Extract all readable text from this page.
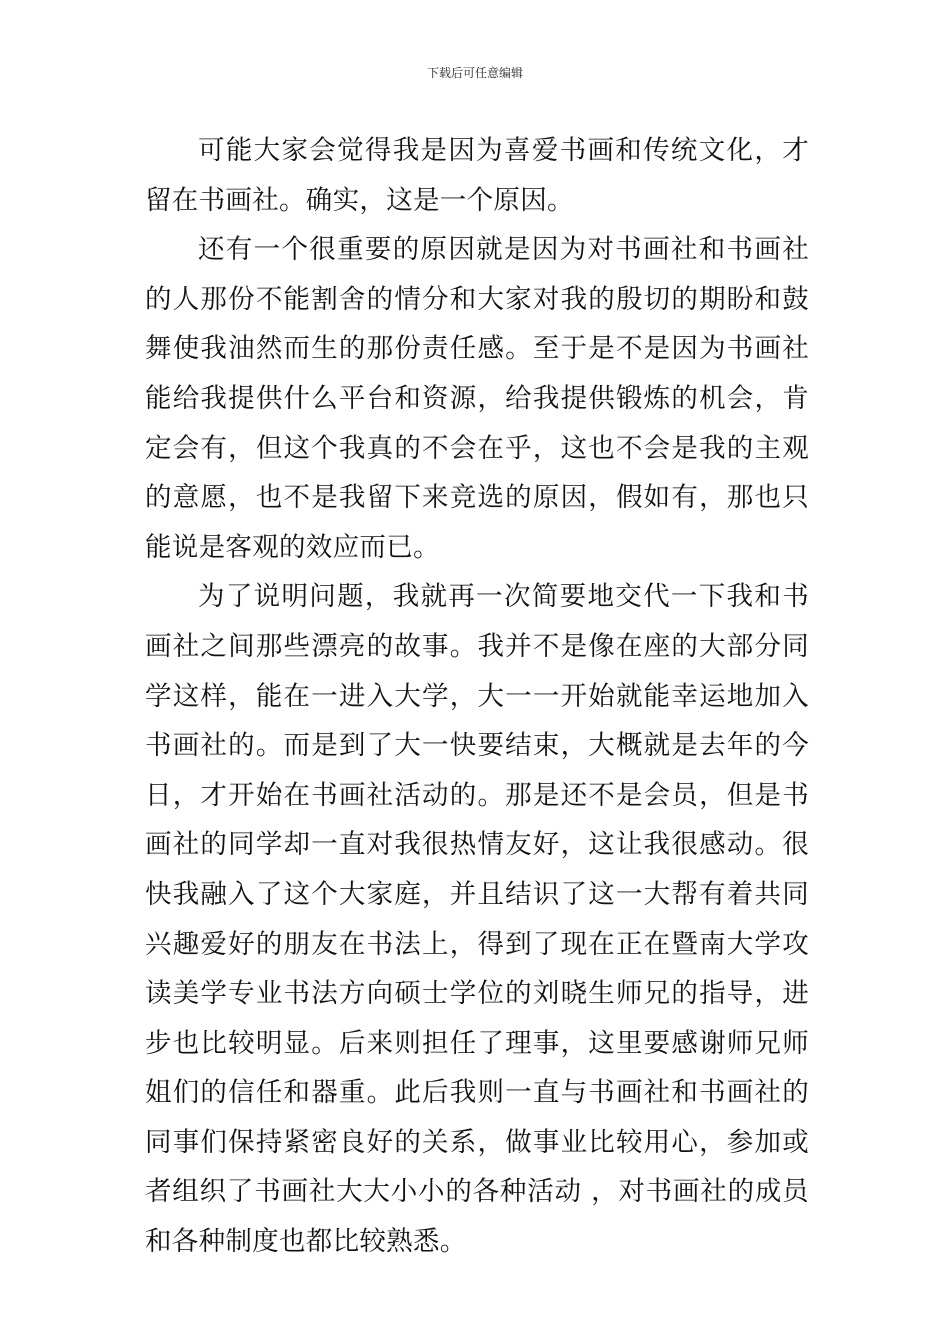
下载后可任意编辑

可能大家会觉得我是因为喜爱书画和传统文化，才留在书画社。确实，这是一个原因。

还有一个很重要的原因就是因为对书画社和书画社的人那份不能割舍的情分和大家对我的殷切的期盼和鼓舞使我油然而生的那份责任感。至于是不是因为书画社能给我提供什么平台和资源，给我提供锻炼的机会，肯定会有，但这个我真的不会在乎，这也不会是我的主观的意愿，也不是我留下来竞选的原因，假如有，那也只能说是客观的效应而已。

为了说明问题，我就再一次简要地交代一下我和书画社之间那些漂亮的故事。我并不是像在座的大部分同学这样，能在一进入大学，大一一开始就能幸运地加入书画社的。而是到了大一快要结束，大概就是去年的今日，才开始在书画社活动的。那是还不是会员，但是书画社的同学却一直对我很热情友好，这让我很感动。很快我融入了这个大家庭，并且结识了这一大帮有着共同兴趣爱好的朋友在书法上，得到了现在正在暨南大学攻读美学专业书法方向硕士学位的刘晓生师兄的指导，进步也比较明显。后来则担任了理事，这里要感谢师兄师姐们的信任和器重。此后我则一直与书画社和书画社的同事们保持紧密良好的关系，做事业比较用心，参加或者组织了书画社大大小小的各种活动 ，对书画社的成员和各种制度也都比较熟悉。
